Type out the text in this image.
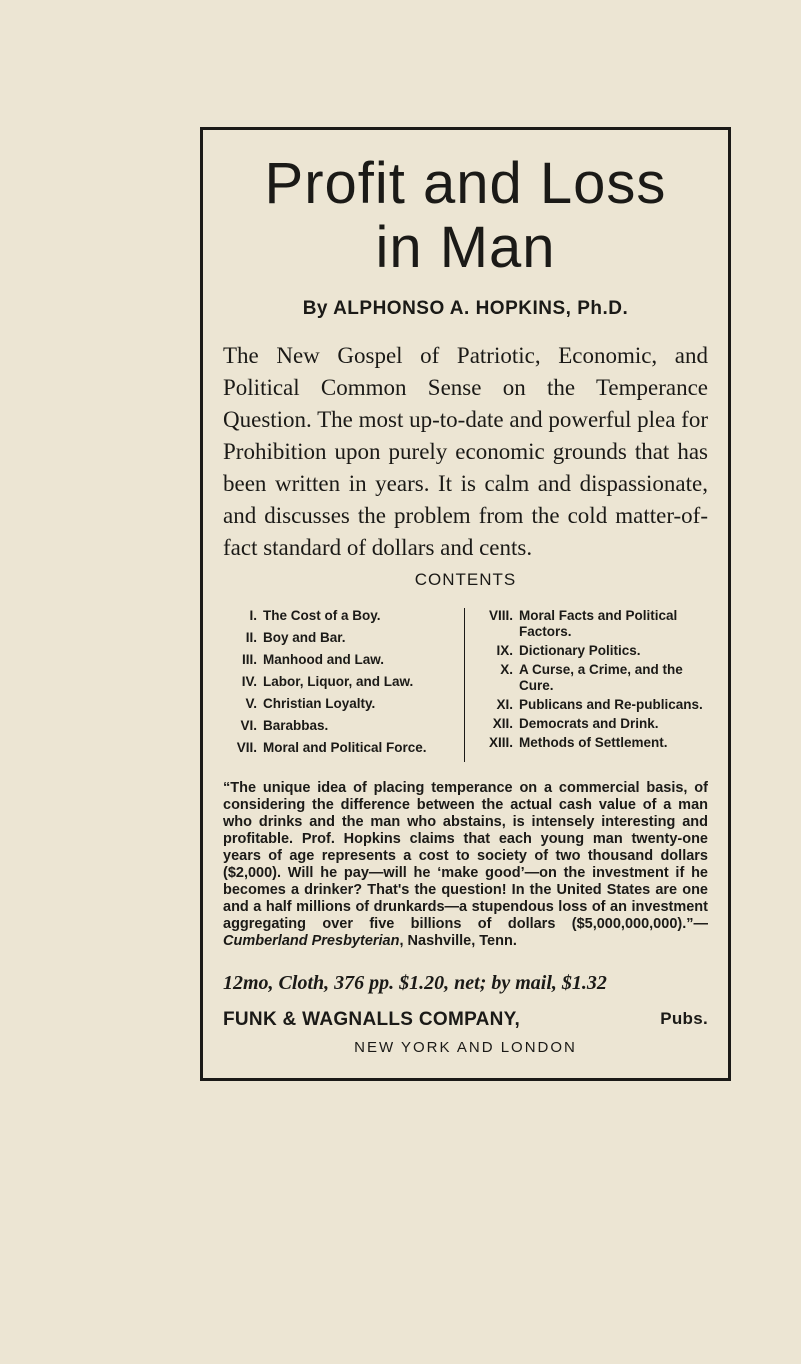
Profit and Loss
in Man
By ALPHONSO A. HOPKINS, Ph.D.

The New Gospel of Patriotic, Economic, and Political Common Sense on the Temperance Question. The most up-to-date and powerful plea for Prohibition upon purely economic grounds that has been written in years. It is calm and dispassionate, and discusses the problem from the cold matter-of-fact standard of dollars and cents.

CONTENTS
I. The Cost of a Boy.
II. Boy and Bar.
III. Manhood and Law.
IV. Labor, Liquor, and Law.
V. Christian Loyalty.
VI. Barabbas.
VII. Moral and Political Force.
VIII. Moral Facts and Political Factors.
IX. Dictionary Politics.
X. A Curse, a Crime, and the Cure.
XI. Publicans and Re-publicans.
XII. Democrats and Drink.
XIII. Methods of Settlement.

“The unique idea of placing temperance on a commercial basis, of considering the difference between the actual cash value of a man who drinks and the man who abstains, is intensely interesting and profitable. Prof. Hopkins claims that each young man twenty-one years of age represents a cost to society of two thousand dollars ($2,000). Will he pay—will he ‘make good’—on the investment if he becomes a drinker? That's the question! In the United States are one and a half millions of drunkards—a stupendous loss of an investment aggregating over five billions of dollars ($5,000,000,000).”—Cumberland Presbyterian, Nashville, Tenn.

12mo, Cloth, 376 pp. $1.20, net; by mail, $1.32
FUNK & WAGNALLS COMPANY,	Pubs.
NEW YORK AND LONDON
